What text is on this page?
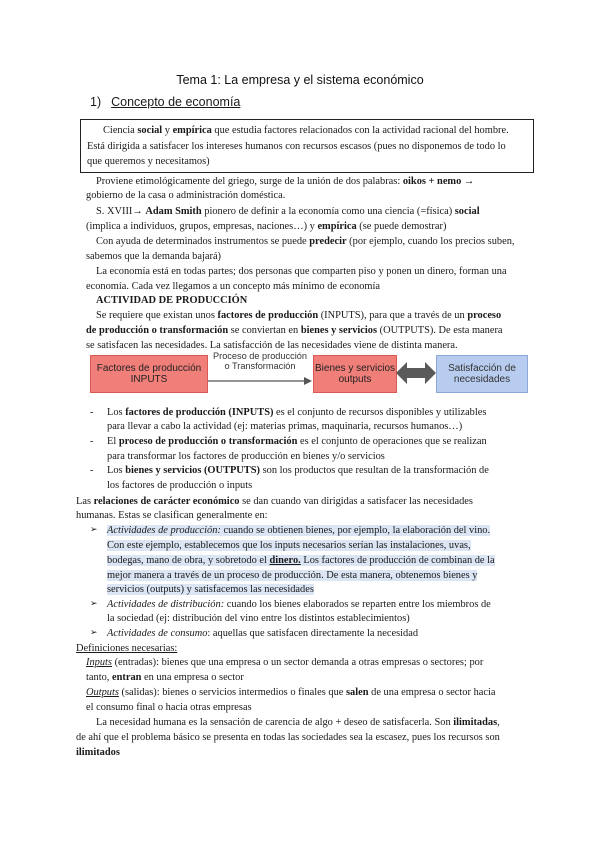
Tema 1: La empresa y el sistema económico
1) Concepto de economía
Ciencia social y empírica que estudia factores relacionados con la actividad racional del hombre.
Está dirigida a satisfacer los intereses humanos con recursos escasos (pues no disponemos de todo lo
que queremos y necesitamos)
Proviene etimológicamente del griego, surge de la unión de dos palabras: oikos + nemo →
gobierno de la casa o administración doméstica.
S. XVIII→ Adam Smith pionero de definir a la economía como una ciencia (=física) social
(implica a individuos, grupos, empresas, naciones…) y empírica (se puede demostrar)
Con ayuda de determinados instrumentos se puede predecir (por ejemplo, cuando los precios suben,
sabemos que la demanda bajará)
La economía está en todas partes; dos personas que comparten piso y ponen un dinero, forman una
economía. Cada vez llegamos a un concepto más mínimo de economía
ACTIVIDAD DE PRODUCCIÓN
Se requiere que existan unos factores de producción (INPUTS), para que a través de un proceso
de producción o transformación se conviertan en bienes y servicios (OUTPUTS). De esta manera
se satisfacen las necesidades. La satisfacción de las necesidades viene de distinta manera.
Factores de producción INPUTS
Proceso de producción o Transformación	Bienes y servicios outputs
Satisfacción de necesidades
- Los factores de producción (INPUTS) es el conjunto de recursos disponibles y utilizables
para llevar a cabo la actividad (ej: materias primas, maquinaria, recursos humanos…)
- El proceso de producción o transformación es el conjunto de operaciones que se realizan
para transformar los factores de producción en bienes y/o servicios
- Los bienes y servicios (OUTPUTS) son los productos que resultan de la transformación de
los factores de producción o inputs
Las relaciones de carácter económico se dan cuando van dirigidas a satisfacer las necesidades
humanas. Estas se clasifican generalmente en:
➢ Actividades de producción: cuando se obtienen bienes, por ejemplo, la elaboración del vino.
Con este ejemplo, establecemos que los inputs necesarios serían las instalaciones, uvas,
bodegas, mano de obra, y sobretodo el dinero. Los factores de producción de combinan de la
mejor manera a través de un proceso de producción. De esta manera, obtenemos bienes y
servicios (outputs) y satisfacemos las necesidades
➢ Actividades de distribución: cuando los bienes elaborados se reparten entre los miembros de
la sociedad (ej: distribución del vino entre los distintos establecimientos)
➢ Actividades de consumo: aquellas que satisfacen directamente la necesidad
Definiciones necesarias:
Inputs (entradas): bienes que una empresa o un sector demanda a otras empresas o sectores; por
tanto, entran en una empresa o sector
Outputs (salidas): bienes o servicios intermedios o finales que salen de una empresa o sector hacia
el consumo final o hacia otras empresas
La necesidad humana es la sensación de carencia de algo + deseo de satisfacerla. Son ilimitadas,
de ahí que el problema básico se presenta en todas las sociedades sea la escasez, pues los recursos son
ilimitados
